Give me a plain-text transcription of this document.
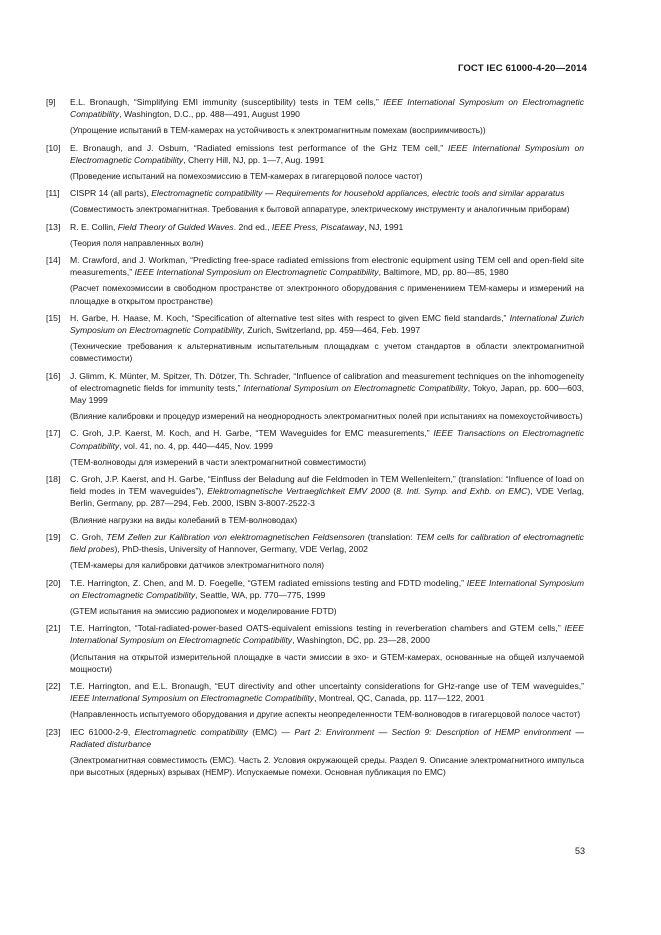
ГОСТ IEC 61000-4-20—2014
[9]	E.L. Bronaugh, “Simplifying EMI immunity (susceptibility) tests in TEM cells,” IEEE International Symposium on Electromagnetic Compatibility, Washington, D.C., pp. 488—491, August 1990
(Упрощение испытаний в ТЕМ-камерах на устойчивость к электромагнитным помехам (восприимчивость))
[10]	E. Bronaugh, and J. Osburn, “Radiated emissions test performance of the GHz TEM cell,” IEEE International Symposium on Electromagnetic Compatibility, Cherry Hill, NJ, pp. 1—7, Aug. 1991
(Проведение испытаний на помехоэмиссию в ТЕМ-камерах в гигагерцовой полосе частот)
[11]	CISPR 14 (all parts), Electromagnetic compatibility — Requirements for household appliances, electric tools and similar apparatus
(Совместимость электромагнитная. Требования к бытовой аппаратуре, электрическому инструменту и аналогичным приборам)
[13]	R. E. Collin, Field Theory of Guided Waves. 2nd ed., IEEE Press, Piscataway, NJ, 1991
(Теория поля направленных волн)
[14]	M. Crawford, and J. Workman, “Predicting free-space radiated emissions from electronic equipment using TEM cell and open-field site measurements,” IEEE International Symposium on Electromagnetic Compatibility, Baltimore, MD, pp. 80—85, 1980
(Расчет помехоэмиссии в свободном пространстве от электронного оборудования с применениием ТЕМ-камеры и измерений на площадке в открытом пространстве)
[15]	H. Garbe, H. Haase, M. Koch, “Specification of alternative test sites with respect to given EMC field standards,” International Zurich Symposium on Electromagnetic Compatibility, Zurich, Switzerland, pp. 459—464, Feb. 1997
(Технические требования к альтернативным испытательным площадкам с учетом стандартов в области электромагнитной совместимости)
[16]	J. Glimm, K. Münter, M. Spitzer, Th. Dötzer, Th. Schrader, “Influence of calibration and measurement techniques on the inhomogeneity of electromagnetic fields for immunity tests,” International Symposium on Electromagnetic Compatibility, Tokyo, Japan, pp. 600—603, May 1999
(Влияние калибровки и процедур измерений на неоднородность электромагнитных полей при испытаниях на помехоустойчивость)
[17]	C. Groh, J.P. Kaerst, M. Koch, and H. Garbe, “TEM Waveguides for EMC measurements,” IEEE Transactions on Electromagnetic Compatibility, vol. 41, no. 4, pp. 440—445, Nov. 1999
(ТЕМ-волноводы для измерений в части электромагнитной совместимости)
[18]	C. Groh, J.P. Kaerst, and H. Garbe, “Einfluss der Beladung auf die Feldmoden in TEM Wellenleitern,” (translation: “Influence of load on field modes in TEM waveguides”), Elektromagnetische Vertraeglichkeit EMV 2000 (8. Intl. Symp. and Exhb. on EMC), VDE Verlag, Berlin, Germany, pp. 287—294, Feb. 2000, ISBN 3-8007-2522-3
(Влияние нагрузки на виды колебаний в ТЕМ-волноводах)
[19]	C. Groh, TEM Zellen zur Kalibration von elektromagnetischen Feldsensoren (translation: TEM cells for calibration of electromagnetic field probes), PhD-thesis, University of Hannover, Germany, VDE Verlag, 2002
(ТЕМ-камеры для калибровки датчиков электромагнитного поля)
[20]	T.E. Harrington, Z. Chen, and M. D. Foegelle, “GTEM radiated emissions testing and FDTD modeling,” IEEE International Symposium on Electromagnetic Compatibility, Seattle, WA, pp. 770—775, 1999
(GTEM испытания на эмиссию радиопомех и моделирование FDTD)
[21]	T.E. Harrington, “Total-radiated-power-based OATS-equivalent emissions testing in reverberation chambers and GTEM cells,” IEEE International Symposium on Electromagnetic Compatibility, Washington, DC, pp. 23—28, 2000
(Испытания на открытой измерительной площадке в части эмиссии в эхо- и GTEM-камерах, основанные на общей излучаемой мощности)
[22]	T.E. Harrington, and E.L. Bronaugh, “EUT directivity and other uncertainty considerations for GHz-range use of TEM waveguides,” IEEE International Symposium on Electromagnetic Compatibility, Montreal, QC, Canada, pp. 117—122, 2001
(Направленность испытуемого оборудования и другие аспекты неопределенности ТЕМ-волноводов в гигагерцовой полосе частот)
[23]	IEC 61000-2-9, Electromagnetic compatibility (EMC) — Part 2: Environment — Section 9: Description of HEMP environment — Radiated disturbance
(Электромагнитная совместимость (ЕМС). Часть 2. Условия окружающей среды. Раздел 9. Описание электромагнитного импульса при высотных (ядерных) взрывах (HEMP). Испускаемые помехи. Основная публикация по ЕМС)
53
